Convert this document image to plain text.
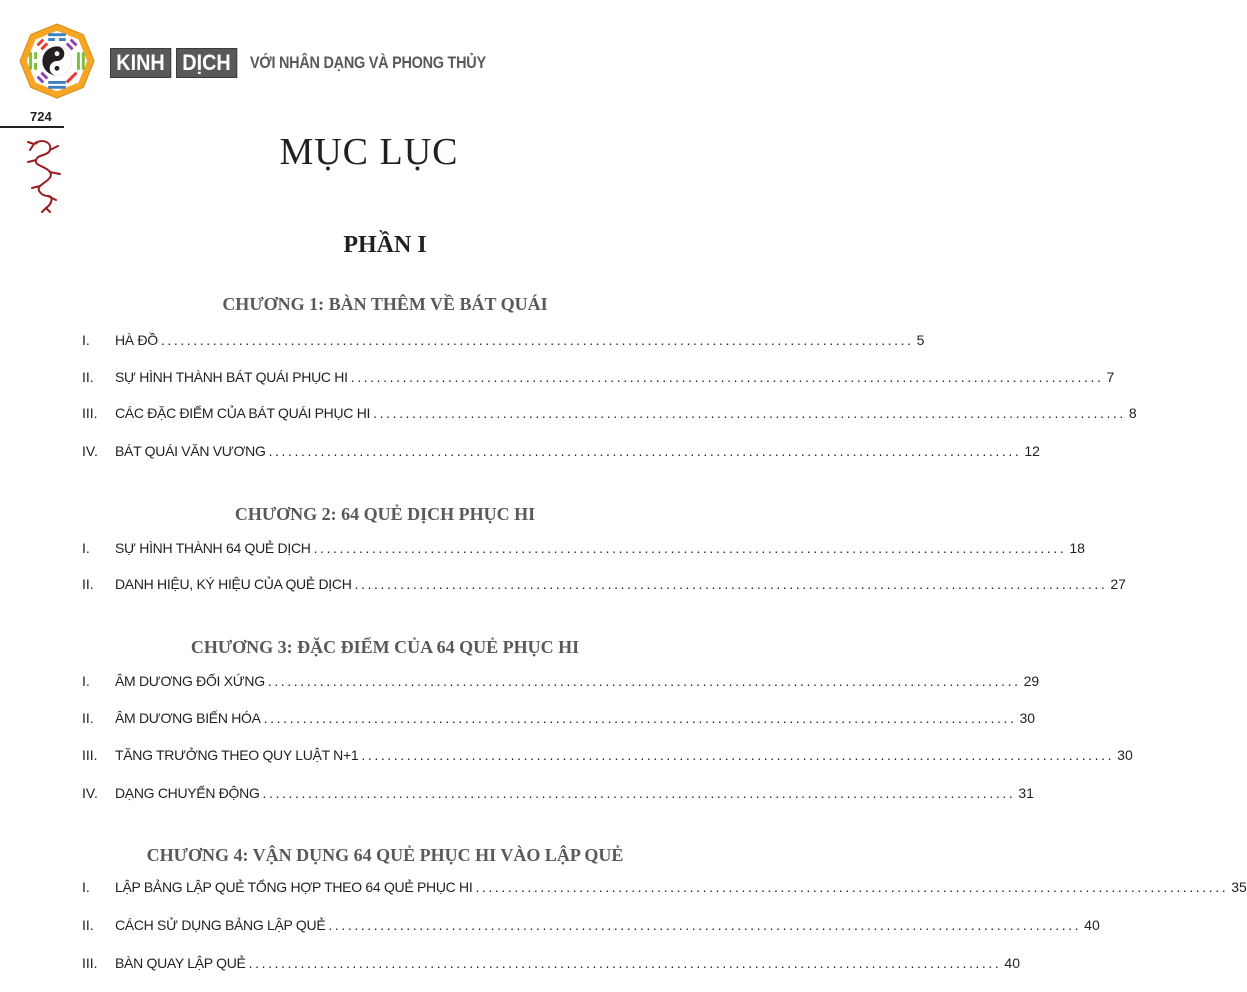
KINH DỊCH	VỚI NHÂN DẠNG VÀ PHONG THỦY
724
MỤC LỤC
PHẦN I
CHƯƠNG 1: BÀN THÊM VỀ BÁT QUÁI
I.	HÀ ĐỒ .................................................................................................................... 5
II.	SỰ HÌNH THÀNH BÁT QUÁI PHỤC HI .................................................................................................................... 7
III.	CÁC ĐẶC ĐIỂM CỦA BÁT QUÁI PHỤC HI .................................................................................................................... 8
IV.	BÁT QUÁI VĂN VƯƠNG .................................................................................................................... 12
CHƯƠNG 2: 64 QUẺ DỊCH PHỤC HI
I.	SỰ HÌNH THÀNH 64 QUẺ DỊCH .................................................................................................................... 18
II.	DANH HIỆU, KÝ HIỆU CỦA QUẺ DỊCH .................................................................................................................... 27
CHƯƠNG 3: ĐẶC ĐIỂM CỦA 64 QUẺ PHỤC HI
I.	ÂM DƯƠNG ĐỐI XỨNG .................................................................................................................... 29
II.	ÂM DƯƠNG BIẾN HÓA .................................................................................................................... 30
III.	TĂNG TRƯỞNG THEO QUY LUẬT N+1 .................................................................................................................... 30
IV.	DẠNG CHUYỂN ĐỘNG .................................................................................................................... 31
CHƯƠNG 4: VẬN DỤNG 64 QUẺ PHỤC HI VÀO LẬP QUẺ
I.	LẬP BẢNG LẬP QUẺ TỔNG HỢP THEO 64 QUẺ PHỤC HI .................................................................................................................... 35
II.	CÁCH SỬ DỤNG BẢNG LẬP QUẺ .................................................................................................................... 40
III.	BÀN QUAY LẬP QUẺ .................................................................................................................... 40
